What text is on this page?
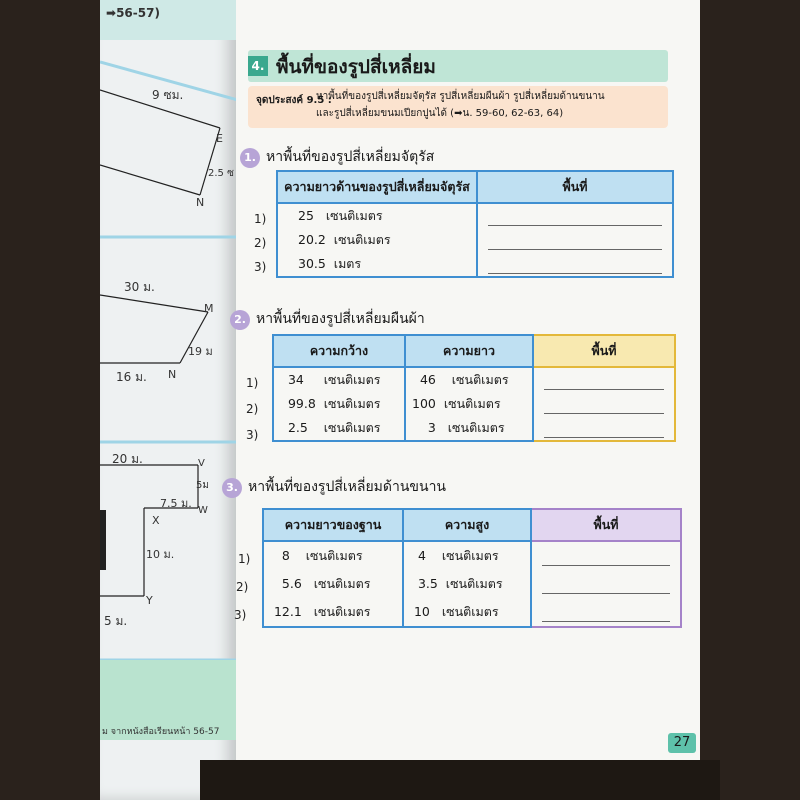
➡56-57)
9 ซม.
E
2.5 ซ
N
30 ม.
M
19 ม
16 ม. N
20 ม.	V
5ม
7.5 ม.
W
X
10 ม.
Y
5 ม.
ม จากหนังสือเรียนหน้า 56-57
4. พื้นที่ของรูปสี่เหลี่ยม
จุดประสงค์ 9.5 :
หาพื้นที่ของรูปสี่เหลี่ยมจัตุรัส รูปสี่เหลี่ยมผืนผ้า รูปสี่เหลี่ยมด้านขนาน
และรูปสี่เหลี่ยมขนมเปียกปูนได้ (➡น. 59-60, 62-63, 64)
1. หาพื้นที่ของรูปสี่เหลี่ยมจัตุรัส
1)
2)
3)
ความยาวด้านของรูปสี่เหลี่ยมจัตุรัส	พื้นที่
25 เซนติเมตร	

20.2 เซนติเมตร	

30.5 เมตร	
2. หาพื้นที่ของรูปสี่เหลี่ยมผืนผ้า
1)
2)
3)
ความกว้าง	ความยาว	พื้นที่
34 เซนติเมตร	46 เซนติเมตร	

99.8 เซนติเมตร	100 เซนติเมตร	

2.5 เซนติเมตร	3 เซนติเมตร	
3. หาพื้นที่ของรูปสี่เหลี่ยมด้านขนาน
1)
2)
3)
ความยาวของฐาน	ความสูง	พื้นที่
8 เซนติเมตร	4 เซนติเมตร	

5.6 เซนติเมตร	3.5 เซนติเมตร	

12.1 เซนติเมตร	10 เซนติเมตร	
27
